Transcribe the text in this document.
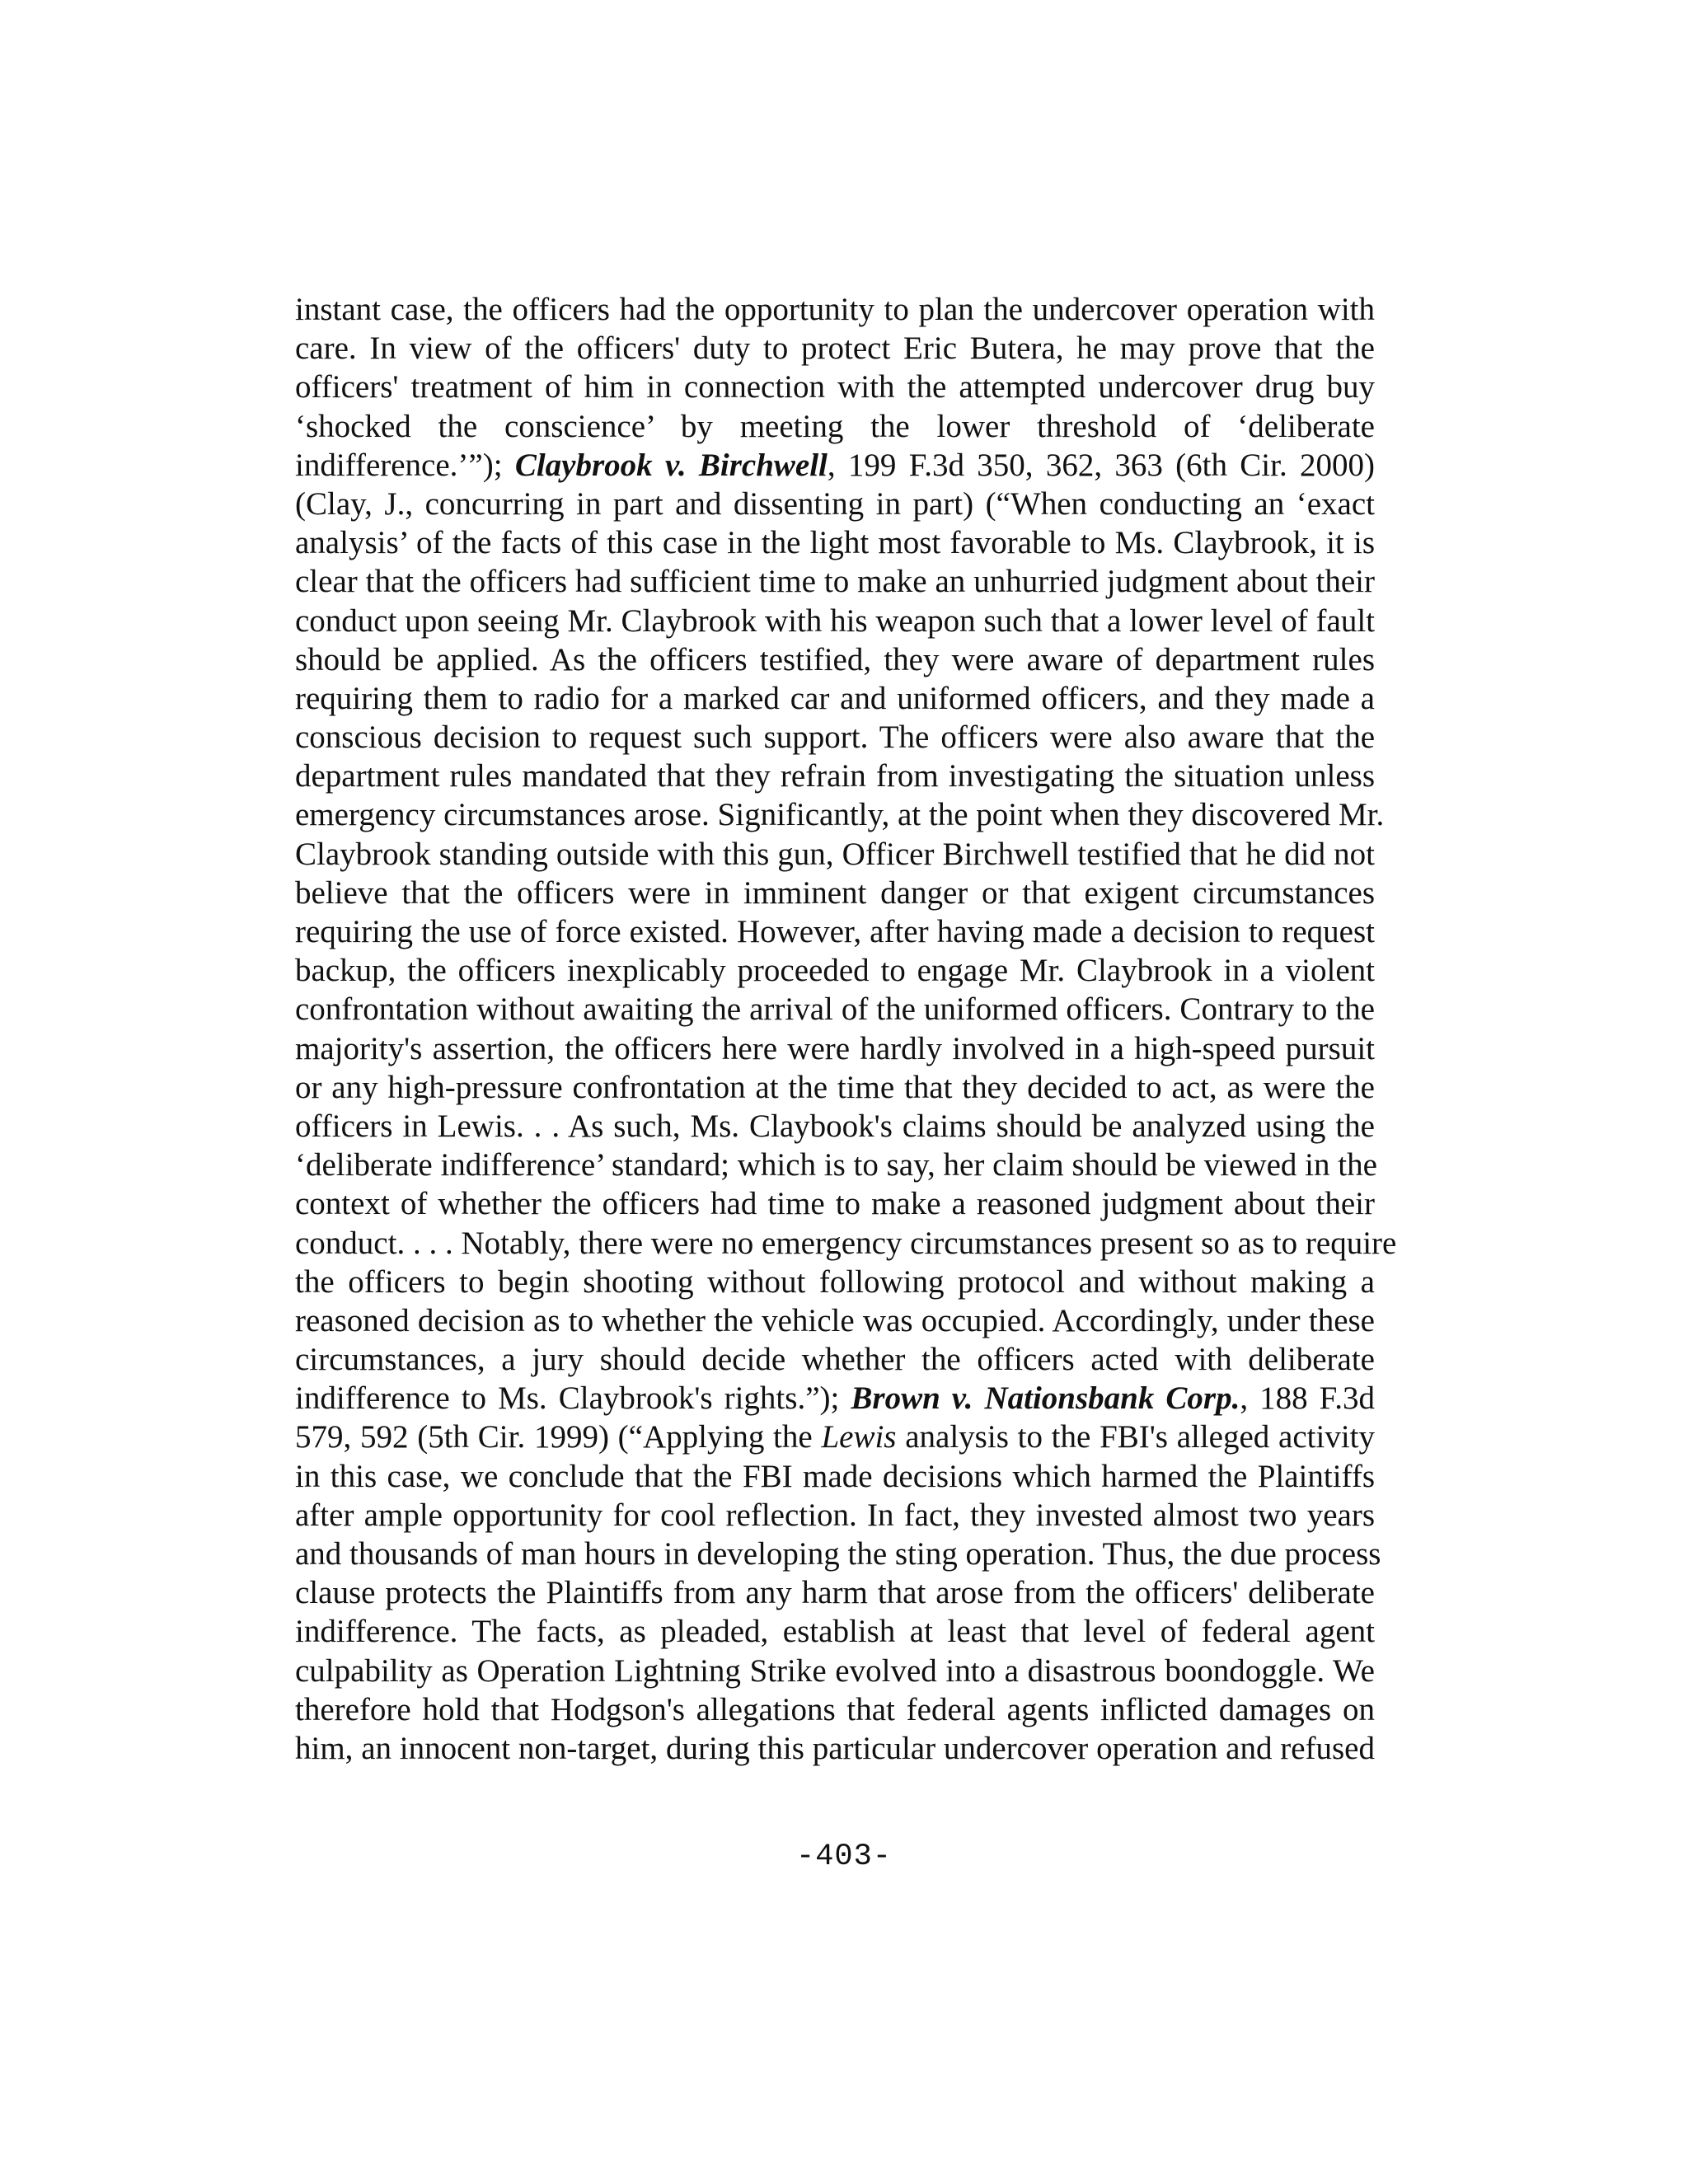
instant case, the officers had the opportunity to plan the undercover operation with
care. In view of the officers' duty to protect Eric Butera, he may prove that the
officers' treatment of him in connection with the attempted undercover drug buy
‘shocked the conscience’ by meeting the lower threshold of ‘deliberate
indifference.’”); Claybrook v. Birchwell, 199 F.3d 350, 362, 363 (6th Cir. 2000)
(Clay, J., concurring in part and dissenting in part) (“When conducting an ‘exact
analysis’ of the facts of this case in the light most favorable to Ms. Claybrook, it is
clear that the officers had sufficient time to make an unhurried judgment about their
conduct upon seeing Mr. Claybrook with his weapon such that a lower level of fault
should be applied. As the officers testified, they were aware of department rules
requiring them to radio for a marked car and uniformed officers, and they made a
conscious decision to request such support. The officers were also aware that the
department rules mandated that they refrain from investigating the situation unless
emergency circumstances arose. Significantly, at the point when they discovered Mr.
Claybrook standing outside with this gun, Officer Birchwell testified that he did not
believe that the officers were in imminent danger or that exigent circumstances
requiring the use of force existed. However, after having made a decision to request
backup, the officers inexplicably proceeded to engage Mr. Claybrook in a violent
confrontation without awaiting the arrival of the uniformed officers. Contrary to the
majority's assertion, the officers here were hardly involved in a high-speed pursuit
or any high-pressure confrontation at the time that they decided to act, as were the
officers in Lewis. . . As such, Ms. Claybook's claims should be analyzed using the
‘deliberate indifference’ standard; which is to say, her claim should be viewed in the
context of whether the officers had time to make a reasoned judgment about their
conduct. . . . Notably, there were no emergency circumstances present so as to require
the officers to begin shooting without following protocol and without making a
reasoned decision as to whether the vehicle was occupied. Accordingly, under these
circumstances, a jury should decide whether the officers acted with deliberate
indifference to Ms. Claybrook's rights.”); Brown v. Nationsbank Corp., 188 F.3d
579, 592 (5th Cir. 1999) (“Applying the Lewis analysis to the FBI's alleged activity
in this case, we conclude that the FBI made decisions which harmed the Plaintiffs
after ample opportunity for cool reflection. In fact, they invested almost two years
and thousands of man hours in developing the sting operation. Thus, the due process
clause protects the Plaintiffs from any harm that arose from the officers' deliberate
indifference. The facts, as pleaded, establish at least that level of federal agent
culpability as Operation Lightning Strike evolved into a disastrous boondoggle. We
therefore hold that Hodgson's allegations that federal agents inflicted damages on
him, an innocent non-target, during this particular undercover operation and refused
-403-
